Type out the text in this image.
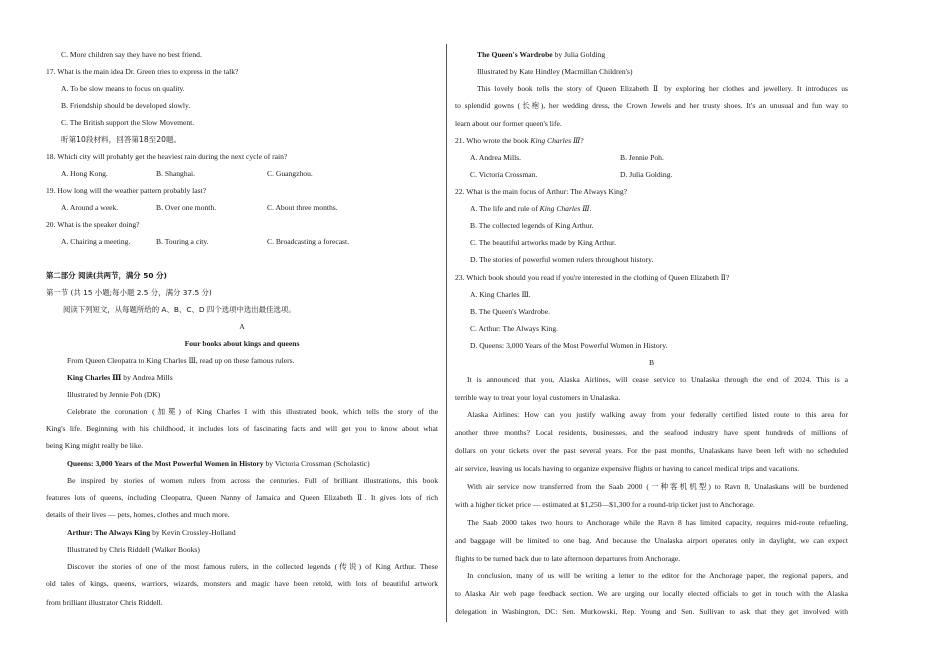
C. More children say they have no best friend.
17. What is the main idea Dr. Green tries to express in the talk?
A. To be slow means to focus on quality.
B. Friendship should be developed slowly.
C. The British support the Slow Movement.
听第10段材料，回答第18至20题。
18. Which city will probably get the heaviest rain during the next cycle of rain?
A. Hong Kong.	B. Shanghai.	C. Guangzhou.
19. How long will the weather pattern probably last?
A. Around a week.	B. Over one month.	C. About three months.
20. What is the speaker doing?
A. Chairing a meeting.	B. Touring a city.	C. Broadcasting a forecast.
第二部分 阅读(共两节，满分 50 分)
第一节 (共 15 小题;每小题 2.5 分，满分 37.5 分)
阅读下列短文，从每题所给的 A、B、C、D 四个选项中选出最佳选项。
A
Four books about kings and queens
From Queen Cleopatra to King Charles Ⅲ, read up on these famous rulers.
King Charles Ⅲ by Andrea Mills
Illustrated by Jennie Poh (DK)
Celebrate the coronation (加冕) of King Charles I with this illustrated book, which tells the story of the
King's life. Beginning with his childhood, it includes lots of fascinating facts and will get you to know about what
being King might really be like.
Queens: 3,000 Years of the Most Powerful Women in History by Victoria Crossman (Scholastic)
Be inspired by stories of women rulers from across the centuries. Full of brilliant illustrations, this book
features lots of queens, including Cleopatra, Queen Nanny of Jamaica and Queen Elizabeth Ⅱ. It gives lots of rich
details of their lives — pets, homes, clothes and much more.
Arthur: The Always King by Kevin Crossley-Holland
Illustrated by Chris Riddell (Walker Books)
Discover the stories of one of the most famous rulers, in the collected legends (传说) of King Arthur. These
old tales of kings, queens, warriors, wizards, monsters and magic have been retold, with lots of beautiful artwork
from brilliant illustrator Chris Riddell.
The Queen's Wardrobe by Julia Golding
Illustrated by Kate Hindley (Macmillan Children's)
This lovely book tells the story of Queen Elizabeth Ⅱ by exploring her clothes and jewellery. It introduces us
to splendid gowns (长袍), her wedding dress, the Crown Jewels and her trusty shoes. It's an unusual and fun way to
learn about our former queen's life.
21. Who wrote the book King Charles Ⅲ?
A. Andrea Mills.	B. Jennie Poh.
C. Victoria Crossman.	D. Julia Golding.
22. What is the main focus of Arthur: The Always King?
A. The life and rule of King Charles Ⅲ.
B. The collected legends of King Arthur.
C. The beautiful artworks made by King Arthur.
D. The stories of powerful women rulers throughout history.
23. Which book should you read if you're interested in the clothing of Queen Elizabeth Ⅱ?
A. King Charles Ⅲ.
B. The Queen's Wardrobe.
C. Arthur: The Always King.
D. Queens: 3,000 Years of the Most Powerful Women in History.
B
It is announced that you, Alaska Airlines, will cease service to Unalaska through the end of 2024. This is a
terrible way to treat your loyal customers in Unalaska.
Alaska Airlines: How can you justify walking away from your federally certified listed route to this area for
another three months? Local residents, businesses, and the seafood industry have spent hundreds of millions of
dollars on your tickets over the past several years. For the past months, Unalaskans have been left with no scheduled
air service, leaving us locals having to organize expensive flights or having to cancel medical trips and vacations.
With air service now transferred from the Saab 2000 (一种客机机型) to Ravn 8, Unalaskans will be burdened
with a higher ticket price — estimated at $1,250—$1,300 for a round-trip ticket just to Anchorage.
The Saab 2000 takes two hours to Anchorage while the Ravn 8 has limited capacity, requires mid-route refueling,
and baggage will be limited to one bag. And because the Unalaska airport operates only in daylight, we can expect
flights to be turned back due to late afternoon departures from Anchorage.
In conclusion, many of us will be writing a letter to the editor for the Anchorage paper, the regional papers, and
to Alaska Air web page feedback section. We are urging our locally elected officials to get in touch with the Alaska
delegation in Washington, DC: Sen. Murkowski, Rep. Young and Sen. Sullivan to ask that they get involved with
